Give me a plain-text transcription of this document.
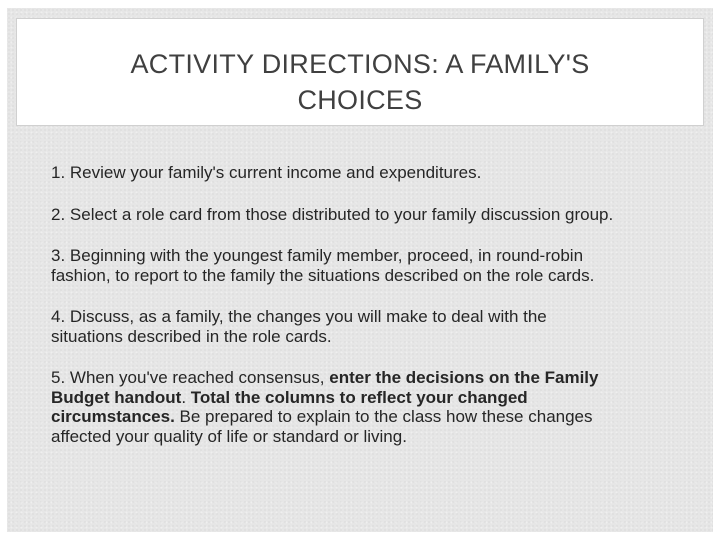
ACTIVITY DIRECTIONS: A FAMILY'S
CHOICES
1. Review your family's current income and expenditures.
2. Select a role card from those distributed to your family discussion group.
3. Beginning with the youngest family member, proceed, in round-robin
fashion, to report to the family the situations described on the role cards.
4. Discuss, as a family, the changes you will make to deal with the
situations described in the role cards.
5. When you've reached consensus, enter the decisions on the Family
Budget handout. Total the columns to reflect your changed
circumstances. Be prepared to explain to the class how these changes
affected your quality of life or standard or living.
